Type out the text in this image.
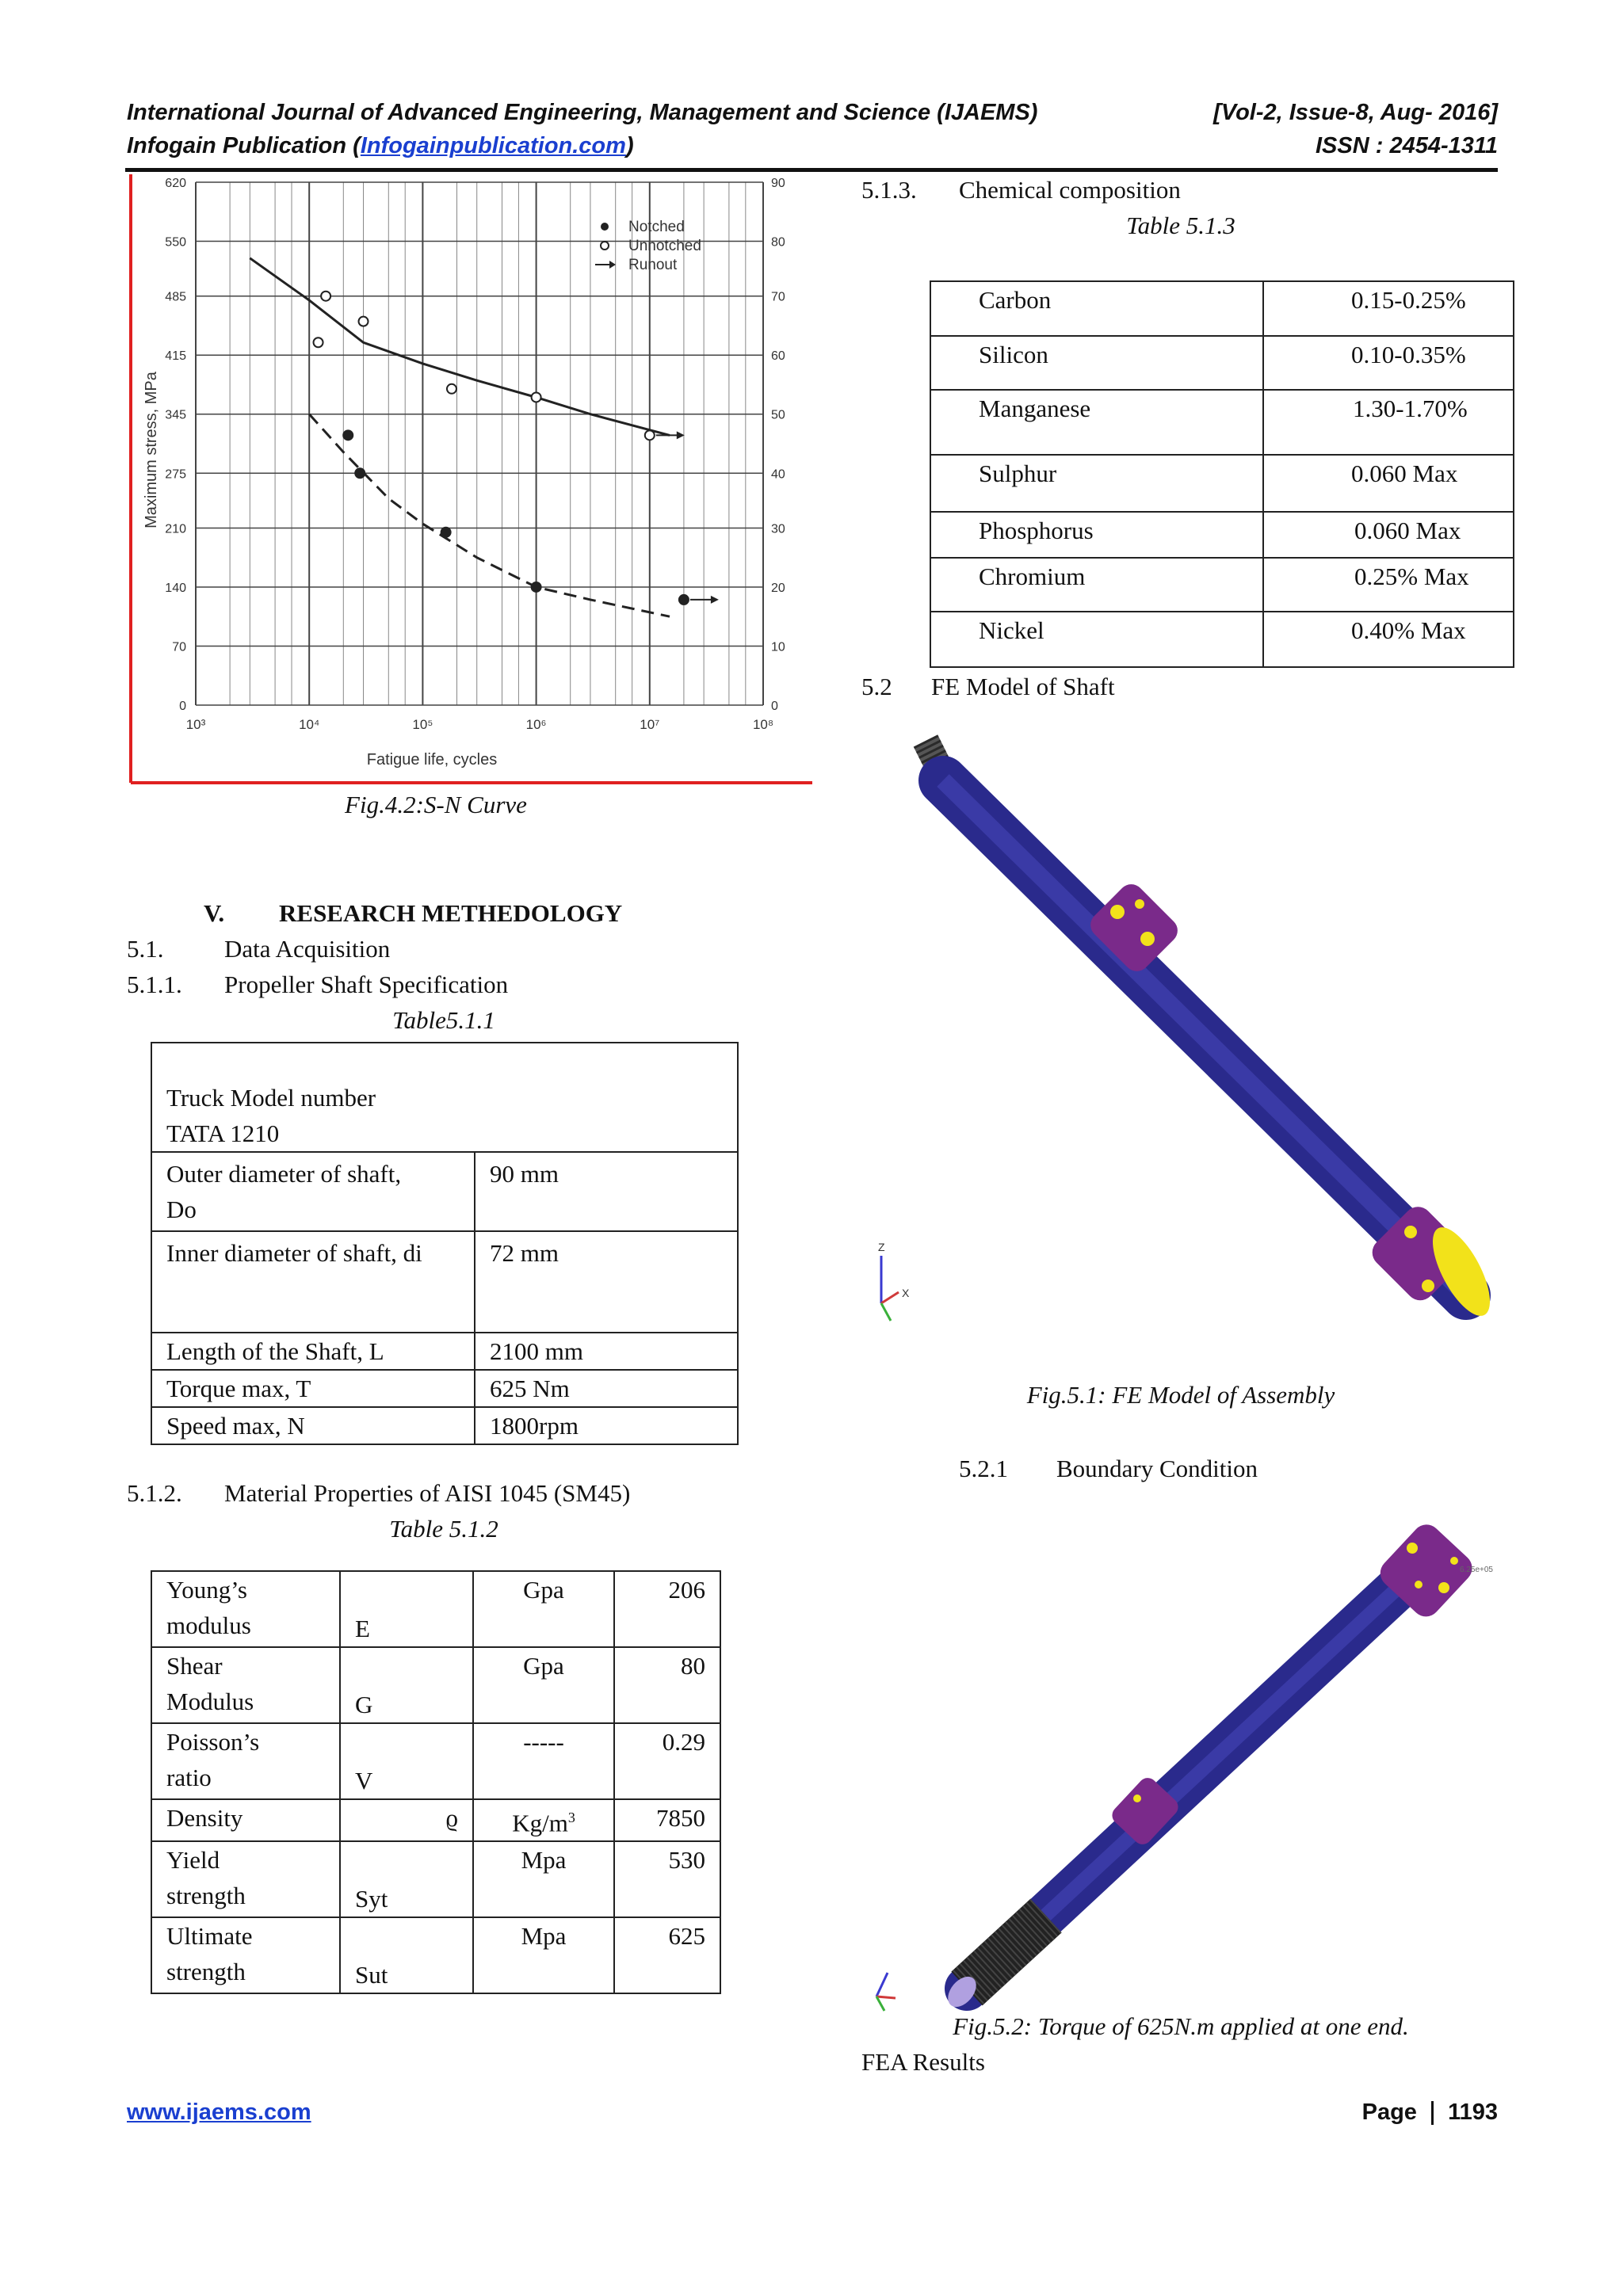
International Journal of Advanced Engineering, Management and Science (IJAEMS)	[Vol-2, Issue-8, Aug- 2016]
Infogain Publication (Infogainpublication.com)	ISSN : 2454-1311
620	90
550	80
485	70
415	60
345	50
275	40
210	30
140	20
70	10
0	0
10³	10⁴	10⁵	10⁶	10⁷	10⁸
Notched
Unnotched
Runout
Fatigue life, cycles
Maximum stress, MPa
Fig.4.2:S-N Curve
V. RESEARCH METHEDOLOGY
5.1. Data Acquisition
5.1.1. Propeller Shaft Specification
Table5.1.1
Truck Model number
TATA 1210	

Outer diameter of shaft,
Do	90 mm
Inner diameter of shaft, di	72 mm
Length of the Shaft, L	2100 mm
Torque max, T	625 Nm
Speed max, N	1800rpm
5.1.2. Material Properties of AISI 1045 (SM45)
Table 5.1.2
Young’s
modulus	E	Gpa	206

Shear
Modulus	G	Gpa	80

Poisson’s
ratio	V	-----	0.29
Density	ϱ	$Kg/m^3$	7850

Yield
strength	Syt	Mpa	530

Ultimate
strength	Sut	Mpa	625
5.1.3. Chemical composition
Table 5.1.3
Carbon	0.15-0.25%
Silicon	0.10-0.35%
Manganese	1.30-1.70%
Sulphur	0.060 Max
Phosphorus	0.060 Max
Chromium	0.25% Max
Nickel	0.40% Max
5.2 FE Model of Shaft
Z
X
Fig.5.1: FE Model of Assembly
5.2.1 Boundary Condition
6.25e+05
Fig.5.2: Torque of 625N.m applied at one end.
FEA Results
www.ijaems.com	Page 1193
